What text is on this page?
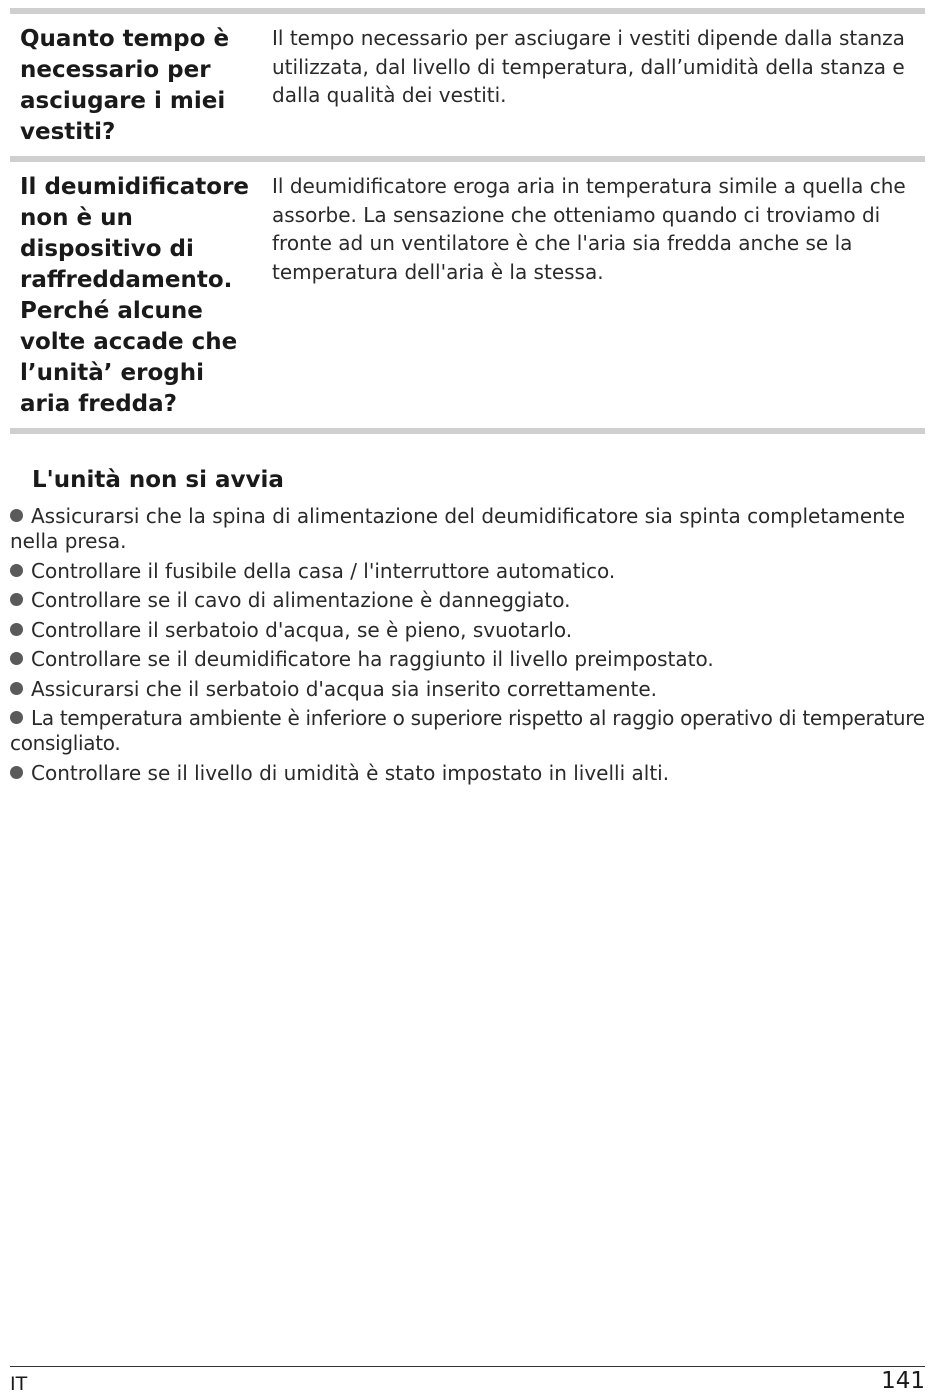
Quanto tempo è necessario per asciugare i miei vestiti?
Il tempo necessario per asciugare i vestiti dipende dalla stanza utilizzata, dal livello di temperatura, dall’umidità della stanza e dalla qualità dei vestiti.
Il deumidificatore non è un dispositivo di raffreddamento. Perché alcune volte accade che l’unità’ eroghi aria fredda?
Il deumidificatore eroga aria in temperatura simile a quella che assorbe. La sensazione che otteniamo quando ci troviamo di fronte ad un ventilatore è che l'aria sia fredda anche se la temperatura dell'aria è la stessa.
L'unità non si avvia
Assicurarsi che la spina di alimentazione del deumidificatore sia spinta completamente nella presa.
Controllare il fusibile della casa / l'interruttore automatico.
Controllare se il cavo di alimentazione è danneggiato.
Controllare il serbatoio d'acqua, se è pieno, svuotarlo.
Controllare se il deumidificatore ha raggiunto il livello preimpostato.
Assicurarsi che il serbatoio d'acqua sia inserito correttamente.
La temperatura ambiente è inferiore o superiore rispetto al raggio operativo di temperature consigliato.
Controllare se il livello di umidità è stato impostato in livelli alti.
IT	141
